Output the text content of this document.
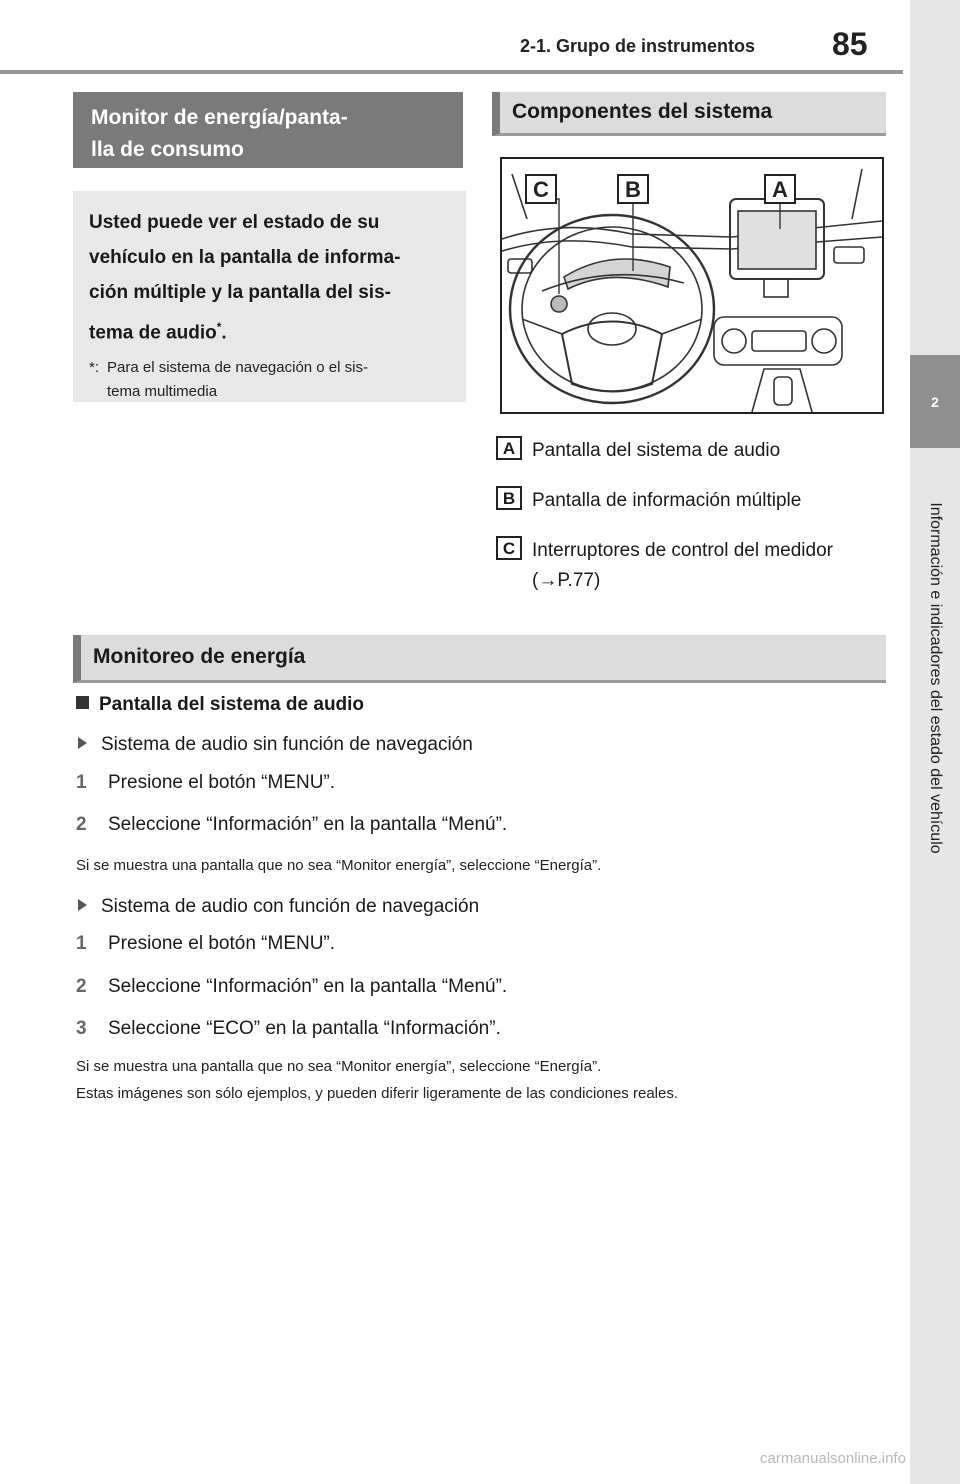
2-1. Grupo de instrumentos 85
2
Información e indicadores del estado del vehículo
Monitor de energía/panta-
lla de consumo
Usted puede ver el estado de su
vehículo en la pantalla de informa-
ción múltiple y la pantalla del sis-
tema de audio*.
*: Para el sistema de navegación o el sis-
tema multimedia
Componentes del sistema
C	B	A
A Pantalla del sistema de audio
B Pantalla de información múltiple
C Interruptores de control del medidor
(→P.77)
Monitoreo de energía
Pantalla del sistema de audio
Sistema de audio sin función de navegación
1 Presione el botón “MENU”.
2 Seleccione “Información” en la pantalla “Menú”.
Si se muestra una pantalla que no sea “Monitor energía”, seleccione “Energía”.
Sistema de audio con función de navegación
1 Presione el botón “MENU”.
2 Seleccione “Información” en la pantalla “Menú”.
3 Seleccione “ECO” en la pantalla “Información”.
Si se muestra una pantalla que no sea “Monitor energía”, seleccione “Energía”.
Estas imágenes son sólo ejemplos, y pueden diferir ligeramente de las condiciones reales.
carmanualsonline.info
